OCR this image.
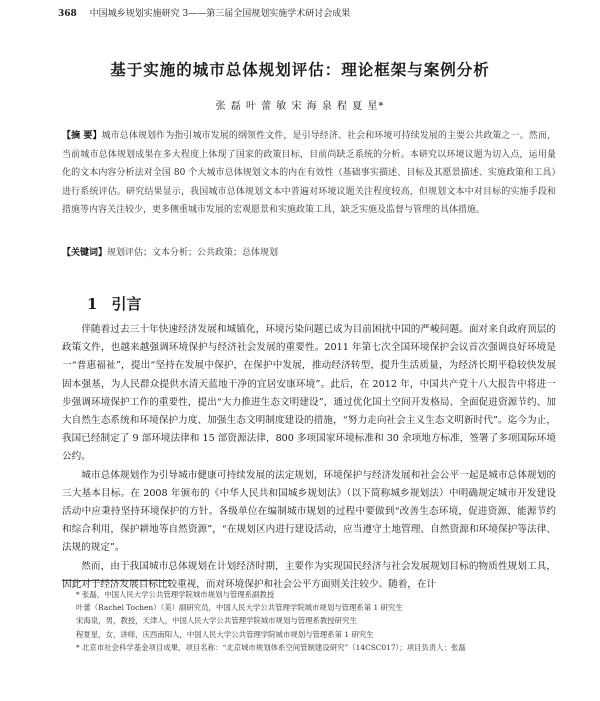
368 中国城乡规划实施研究 3——第三届全国规划实施学术研讨会成果
基于实施的城市总体规划评估：理论框架与案例分析
张 磊 叶 蕾 敏 宋 海 泉 程 夏 星*
【摘 要】城市总体规划作为指引城市发展的纲领性文件，是引导经济、社会和环境可持续发展的主要公共政策之一。然而，当前城市总体规划成果在多大程度上体现了国家的政策目标，目前尚缺乏系统的分析。本研究以环境议题为切入点，运用量化的文本内容分析法对全国 80 个大城市总体规划文本的内在有效性（基础事实描述、目标及其愿景描述、实施政策和工具）进行系统评估。研究结果显示，我国城市总体规划文本中普遍对环境议题关注程度较高，但规划文本中对目标的实施手段和措施等内容关注较少，更多侧重城市发展的宏观愿景和实施政策工具，缺乏实施及监督与管理的具体措施。
【关键词】规划评估；文本分析；公共政策；总体规划
1 引言

伴随着过去三十年快速经济发展和城镇化，环境污染问题已成为目前困扰中国的严峻问题。面对来自政府顶层的政策文件，也越来越强调环境保护与经济社会发展的重要性。2011 年第七次全国环境保护会议首次强调良好环境是一“普惠福祉”，提出“坚持在发展中保护，在保护中发展，推动经济转型，提升生活质量，为经济长期平稳较快发展固本强基，为人民群众提供水清天蓝地干净的宜居安康环境”。此后，在 2012 年，中国共产党十八大报告中将进一步强调环境保护工作的重要性，提出“大力推进生态文明建设”，通过优化国土空间开发格局、全面促进资源节约、加大自然生态系统和环境保护力度、加强生态文明制度建设的措施，“努力走向社会主义生态文明新时代”。迄今为止，我国已经制定了 9 部环境法律和 15 部资源法律，800 多项国家环境标准和 30 余项地方标准，签署了多项国际环境公约。

城市总体规划作为引导城市健康可持续发展的法定规划，环境保护与经济发展和社会公平一起是城市总体规划的三大基本目标。在 2008 年颁布的《中华人民共和国城乡规划法》（以下简称城乡规划法）中明确规定城市开发建设活动中应秉持坚持环境保护的方针。各级单位在编制城市规划的过程中要做到“改善生态环境，促进资源、能源节约和综合利用，保护耕地等自然资源”，“在规划区内进行建设活动，应当遵守土地管理、自然资源和环境保护等法律、法规的规定”。

然而，由于我国城市总体规划在计划经济时期，主要作为实现国民经济与社会发展规划目标的物质性规划工具，因此对于经济发展目标比较重视，而对环境保护和社会公平方面则关注较少。随着，在计

* 张磊，中国人民大学公共管理学院城市规划与管理系副教授
叶蕾（Rachel Tochen）（美）副研究员，中国人民大学公共管理学院城市规划与管理系第 1 研究生
宋海泉，男，教授，天津人，中国人民大学公共管理学院城市规划与管理系教授研究生
程夏星，女，讲师，庆西南阳人，中国人民大学公共管理学院城市规划与管理系第 1 研究生
* 北京市社会科学基金项目成果，项目名称：“北京城市规划体系空间管制建设研究”（14CSC017）；项目负责人：张磊
